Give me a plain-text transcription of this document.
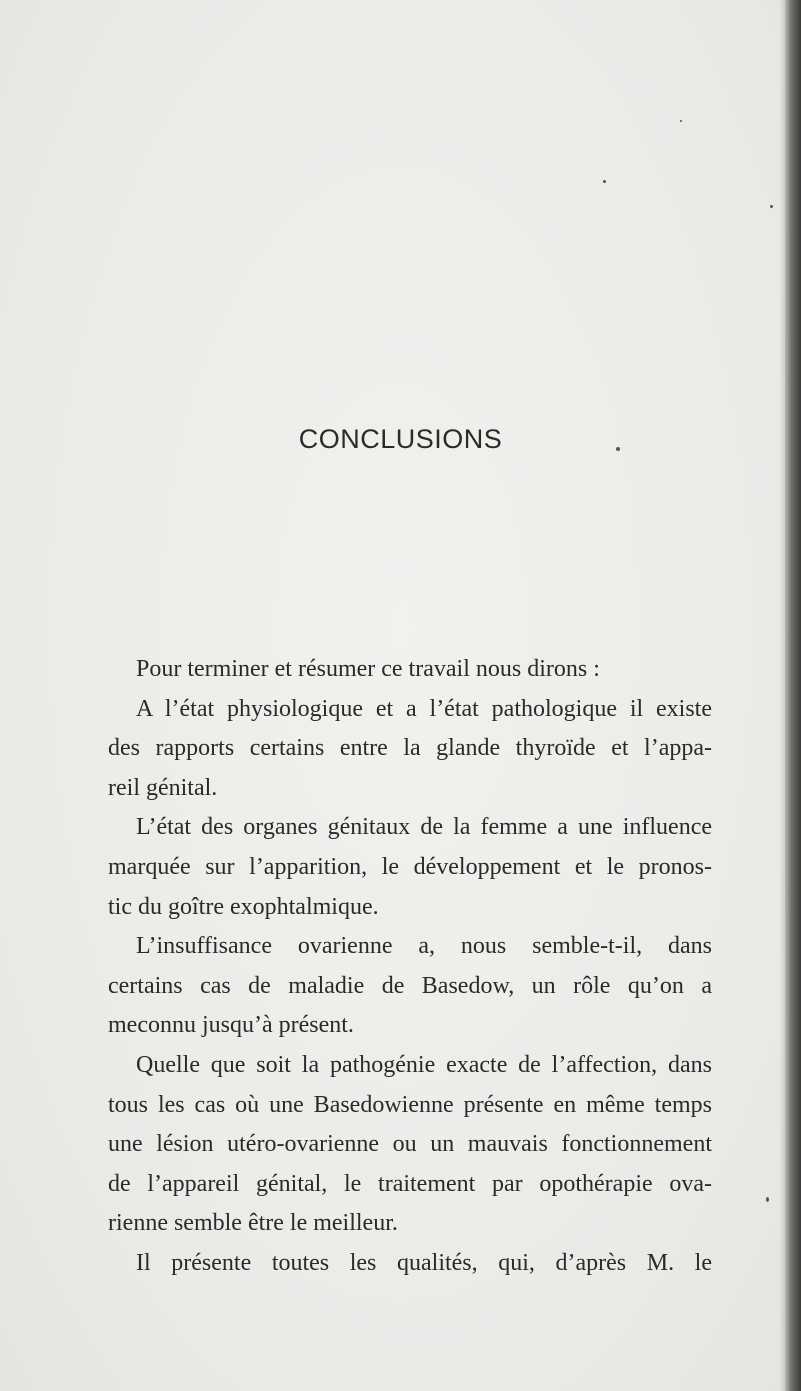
CONCLUSIONS
Pour terminer et résumer ce travail nous dirons :
A l’état physiologique et a l’état pathologique il existe
des rapports certains entre la glande thyroïde et l’appa-
reil génital.
L’état des organes génitaux de la femme a une influence
marquée sur l’apparition, le développement et le pronos-
tic du goître exophtalmique.
L’insuffisance ovarienne a, nous semble-t-il, dans
certains cas de maladie de Basedow, un rôle qu’on a
meconnu jusqu’à présent.
Quelle que soit la pathogénie exacte de l’affection, dans
tous les cas où une Basedowienne présente en même temps
une lésion utéro-ovarienne ou un mauvais fonctionnement
de l’appareil génital, le traitement par opothérapie ova-
rienne semble être le meilleur.
Il présente toutes les qualités, qui, d’après M. le
